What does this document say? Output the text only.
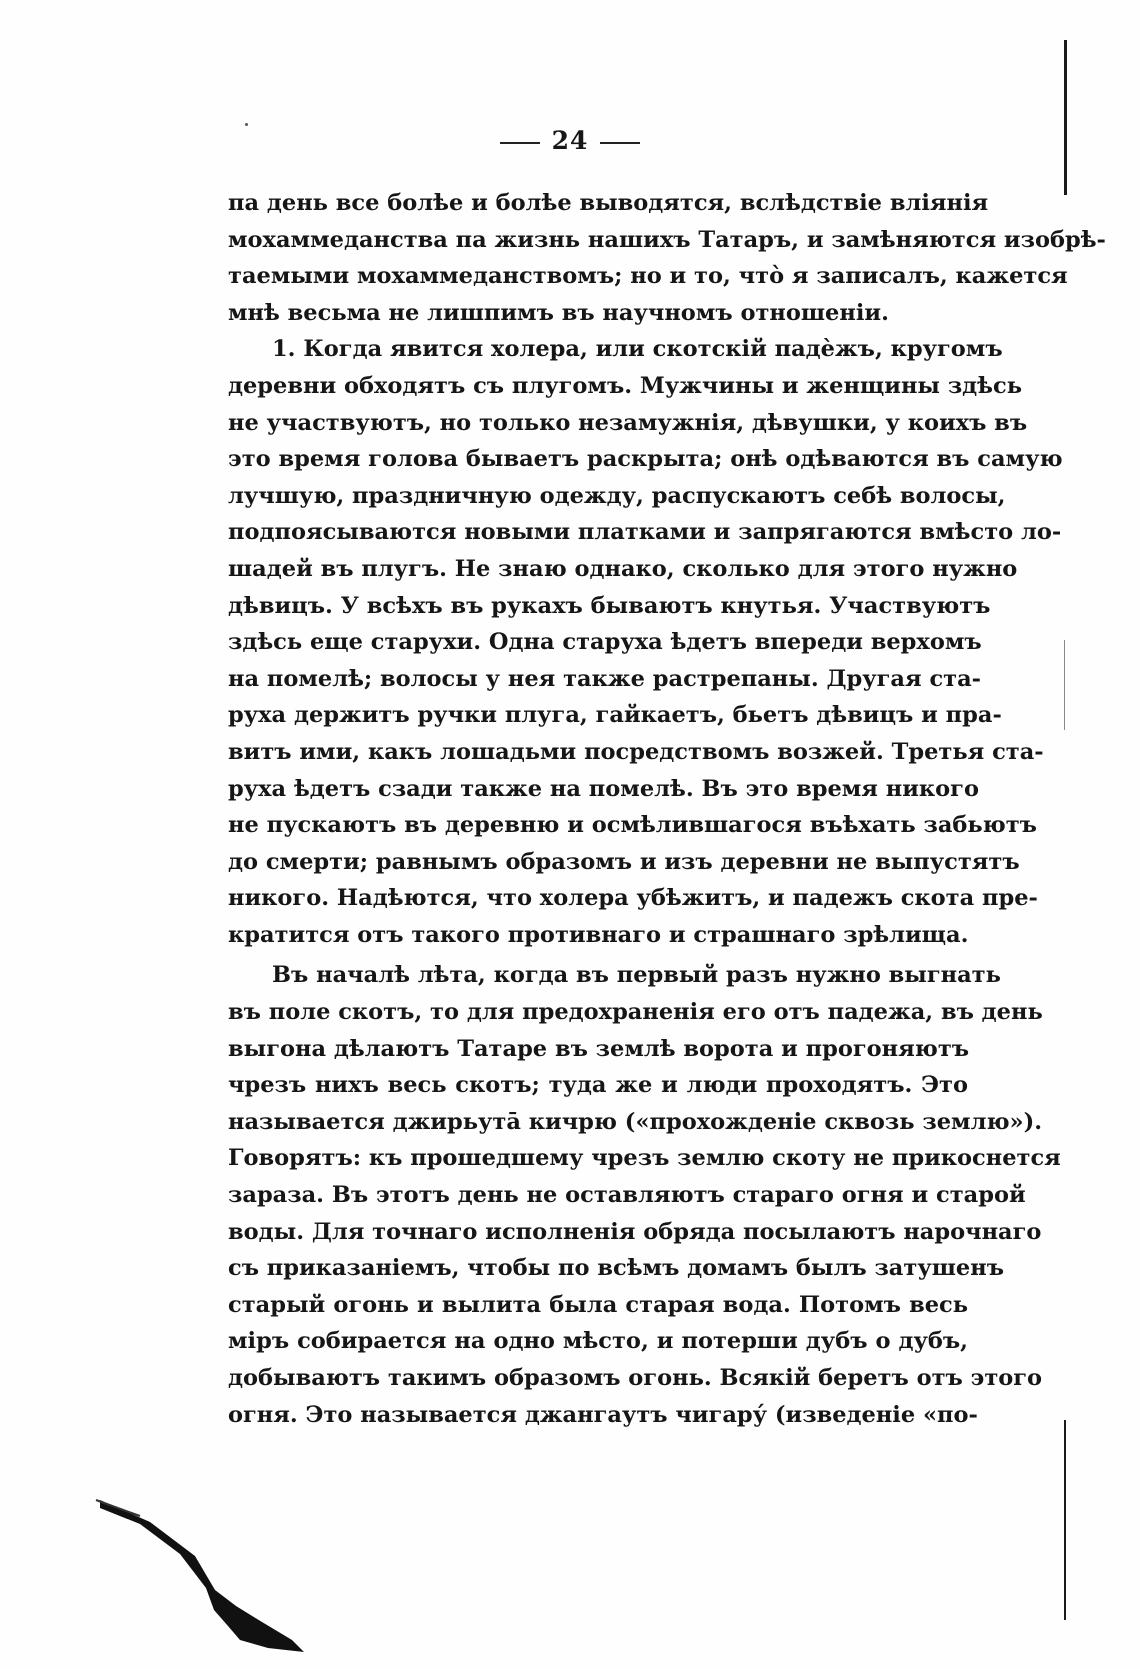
24
па день все болѣе и болѣе выводятся, вслѣдствіе вліянія
мохаммеданства па жизнь нашихъ Татаръ, и замѣняются изобрѣ-
таемыми мохаммеданствомъ; но и то, что̀ я записалъ, кажется
мнѣ весьма не лишпимъ въ научномъ отношеніи.
1. Когда явится холера, или скотскій падѐжъ, кругомъ
деревни обходятъ съ плугомъ. Мужчины и женщины здѣсь
не участвуютъ, но только незамужнія, дѣвушки, у коихъ въ
это время голова бываетъ раскрыта; онѣ одѣваются въ самую
лучшую, праздничную одежду, распускаютъ себѣ волосы,
подпоясываются новыми платками и запрягаются вмѣсто ло-
шадей въ плугъ. Не знаю однако, сколько для этого нужно
дѣвицъ. У всѣхъ въ рукахъ бываютъ кнутья. Участвуютъ
здѣсь еще старухи. Одна старуха ѣдетъ впереди верхомъ
на помелѣ; волосы у нея также растрепаны. Другая ста-
руха держитъ ручки плуга, гайкаетъ, бьетъ дѣвицъ и пра-
витъ ими, какъ лошадьми посредствомъ возжей. Третья ста-
руха ѣдетъ сзади также на помелѣ. Въ это время никого
не пускаютъ въ деревню и осмѣлившагося въѣхать забьютъ
до смерти; равнымъ образомъ и изъ деревни не выпустятъ
никого. Надѣются, что холера убѣжитъ, и падежъ скота пре-
кратится отъ такого противнаго и страшнаго зрѣлища.
Въ началѣ лѣта, когда въ первый разъ нужно выгнать
въ поле скотъ, то для предохраненія его отъ падежа, въ день
выгона дѣлаютъ Татаре въ землѣ ворота и прогоняютъ
чрезъ нихъ весь скотъ; туда же и люди проходятъ. Это
называется джирьутā кичрю («прохожденіе сквозь землю»).
Говорятъ: къ прошедшему чрезъ землю скоту не прикоснется
зараза. Въ этотъ день не оставляютъ стараго огня и старой
воды. Для точнаго исполненія обряда посылаютъ нарочнаго
съ приказаніемъ, чтобы по всѣмъ домамъ былъ затушенъ
старый огонь и вылита была старая вода. Потомъ весь
міръ собирается на одно мѣсто, и потерши дубъ о дубъ,
добываютъ такимъ образомъ огонь. Всякій беретъ отъ этого
огня. Это называется джангаутъ чигару́ (изведеніе «по-
